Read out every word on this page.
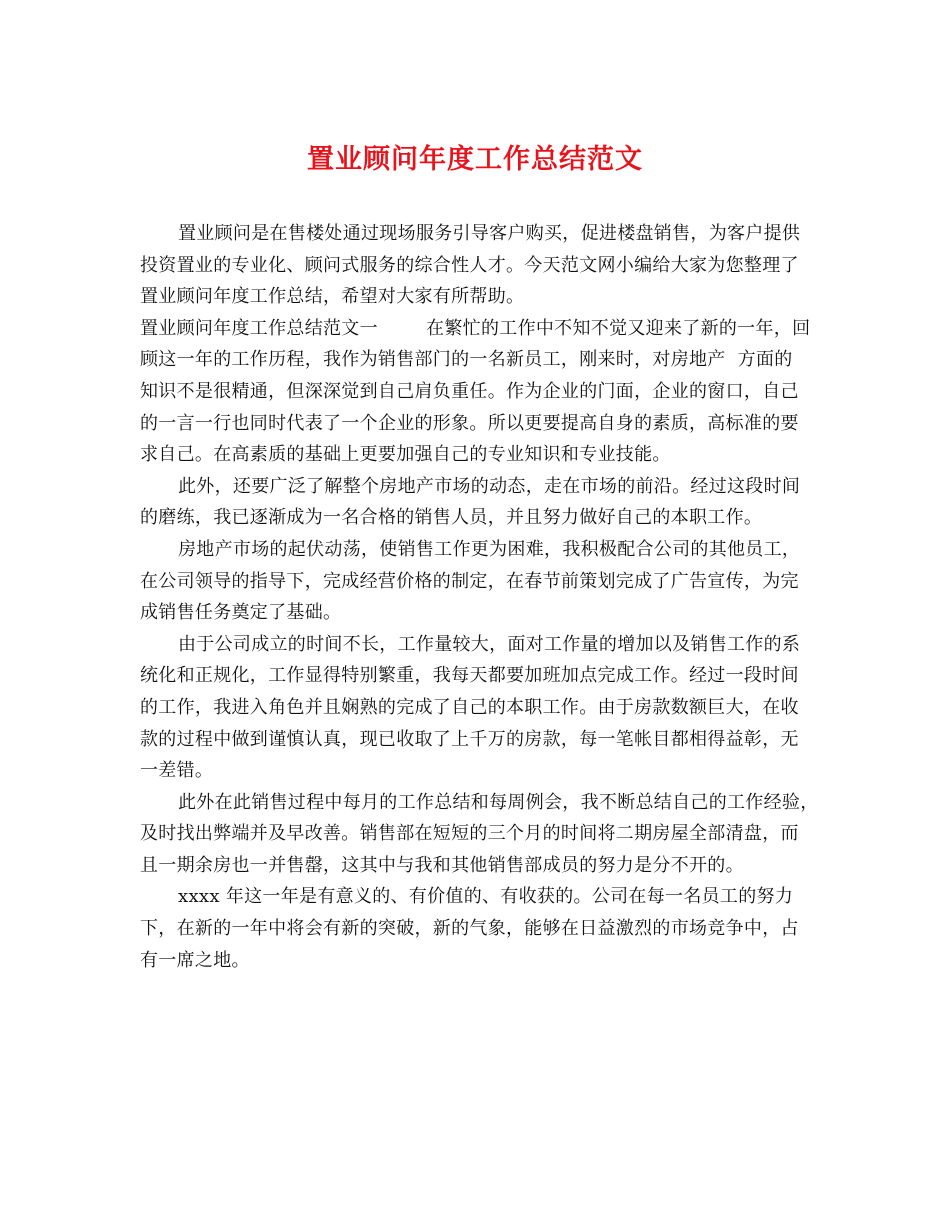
置业顾问年度工作总结范文
置业顾问是在售楼处通过现场服务引导客户购买，促进楼盘销售，为客户提供
投资置业的专业化、顾问式服务的综合性人才。今天范文网小编给大家为您整理了
置业顾问年度工作总结，希望对大家有所帮助。
置业顾问年度工作总结范文一        在繁忙的工作中不知不觉又迎来了新的一年，回
顾这一年的工作历程，我作为销售部门的一名新员工，刚来时，对房地产  方面的
知识不是很精通，但深深觉到自己肩负重任。作为企业的门面，企业的窗口，自己
的一言一行也同时代表了一个企业的形象。所以更要提高自身的素质，高标准的要
求自己。在高素质的基础上更要加强自己的专业知识和专业技能。
此外，还要广泛了解整个房地产市场的动态，走在市场的前沿。经过这段时间
的磨练，我已逐渐成为一名合格的销售人员，并且努力做好自己的本职工作。
房地产市场的起伏动荡，使销售工作更为困难，我积极配合公司的其他员工，
在公司领导的指导下，完成经营价格的制定，在春节前策划完成了广告宣传，为完
成销售任务奠定了基础。
由于公司成立的时间不长，工作量较大，面对工作量的增加以及销售工作的系
统化和正规化，工作显得特别繁重，我每天都要加班加点完成工作。经过一段时间
的工作，我进入角色并且娴熟的完成了自己的本职工作。由于房款数额巨大，在收
款的过程中做到谨慎认真，现已收取了上千万的房款，每一笔帐目都相得益彰，无
一差错。
此外在此销售过程中每月的工作总结和每周例会，我不断总结自己的工作经验，
及时找出弊端并及早改善。销售部在短短的三个月的时间将二期房屋全部清盘，而
且一期余房也一并售罄，这其中与我和其他销售部成员的努力是分不开的。
xxxx 年这一年是有意义的、有价值的、有收获的。公司在每一名员工的努力
下，在新的一年中将会有新的突破，新的气象，能够在日益激烈的市场竞争中，占
有一席之地。
